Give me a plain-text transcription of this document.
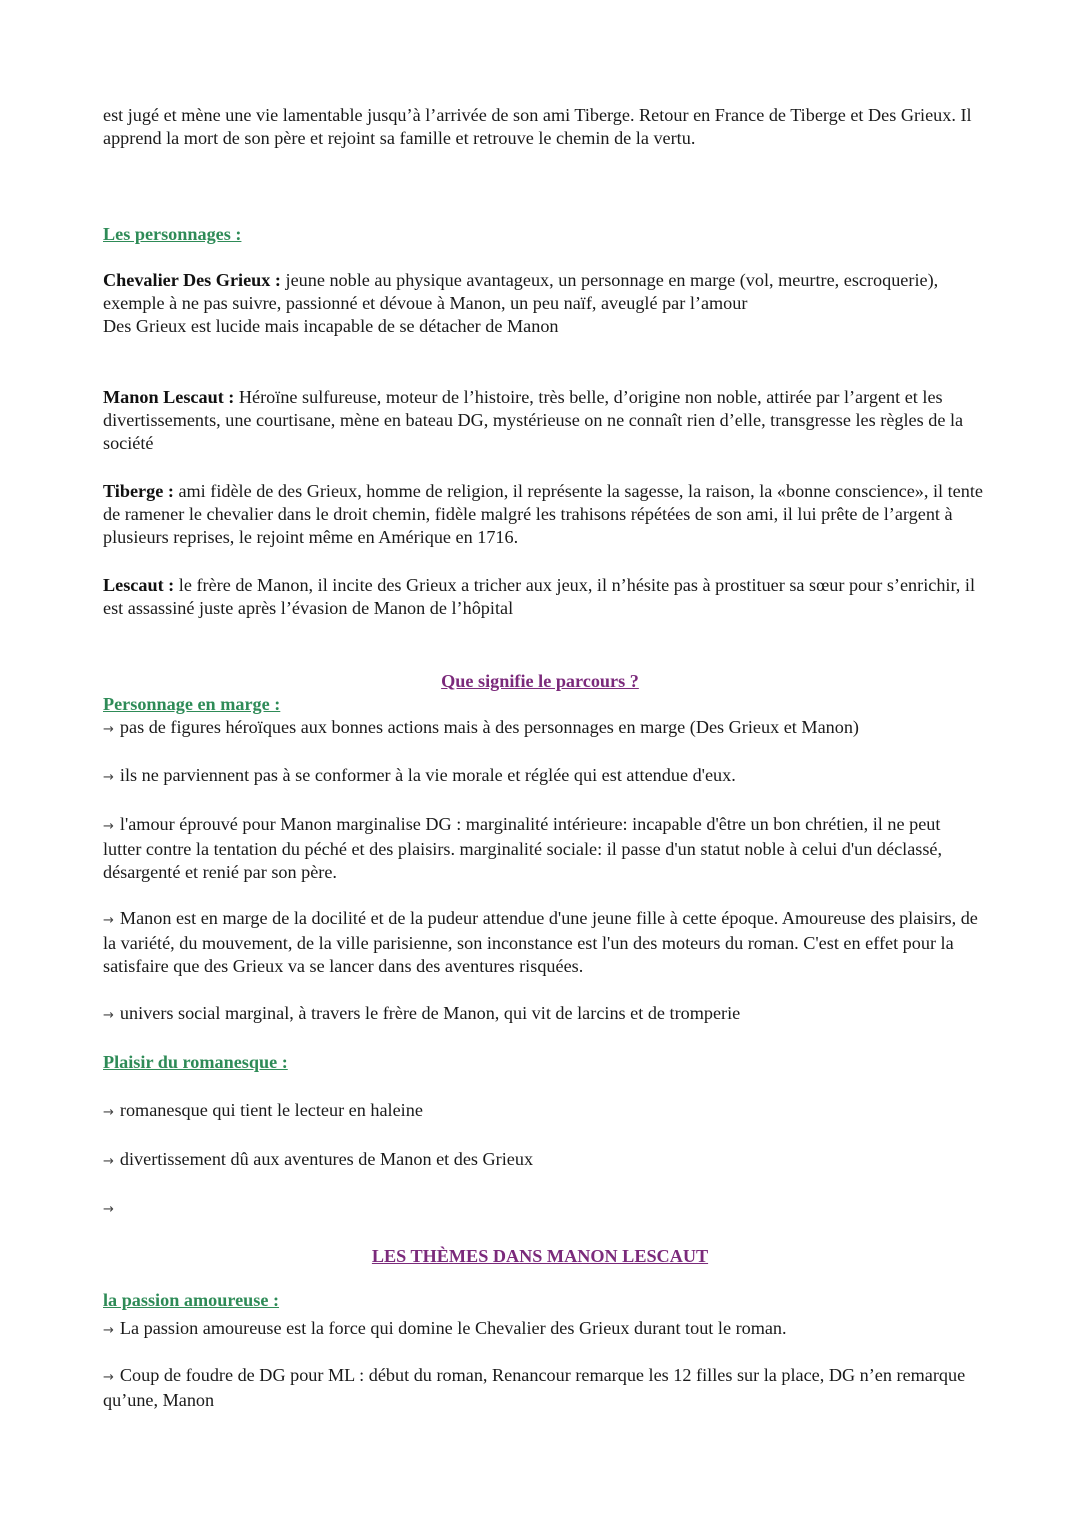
est jugé et mène une vie lamentable jusqu’à l’arrivée de son ami Tiberge. Retour en France de Tiberge et Des Grieux. Il apprend la mort de son père et rejoint sa famille et retrouve le chemin de la vertu.

Les personnages :

Chevalier Des Grieux : jeune noble au physique avantageux, un personnage en marge (vol, meurtre, escroquerie), exemple à ne pas suivre, passionné et dévoue à Manon, un peu naïf, aveuglé par l’amour
Des Grieux est lucide mais incapable de se détacher de Manon

Manon Lescaut : Héroïne sulfureuse, moteur de l’histoire, très belle, d’origine non noble, attirée par l’argent et les divertissements, une courtisane, mène en bateau DG, mystérieuse on ne connaît rien d’elle, transgresse les règles de la société

Tiberge : ami fidèle de des Grieux, homme de religion, il représente la sagesse, la raison, la «bonne conscience», il tente de ramener le chevalier dans le droit chemin, fidèle malgré les trahisons répétées de son ami, il lui prête de l’argent à plusieurs reprises, le rejoint même en Amérique en 1716.

Lescaut : le frère de Manon, il incite des Grieux a tricher aux jeux, il n’hésite pas à prostituer sa sœur pour s’enrichir, il est assassiné juste après l’évasion de Manon de l’hôpital

Que signifie le parcours ?

Personnage en marge :

→ pas de figures héroïques aux bonnes actions mais à des personnages en marge (Des Grieux et Manon)

→ ils ne parviennent pas à se conformer à la vie morale et réglée qui est attendue d'eux.

→ l'amour éprouvé pour Manon marginalise DG : marginalité intérieure: incapable d'être un bon chrétien, il ne peut lutter contre la tentation du péché et des plaisirs. marginalité sociale: il passe d'un statut noble à celui d'un déclassé, désargenté et renié par son père.

→ Manon est en marge de la docilité et de la pudeur attendue d'une jeune fille à cette époque. Amoureuse des plaisirs, de la variété, du mouvement, de la ville parisienne, son inconstance est l'un des moteurs du roman. C'est en effet pour la satisfaire que des Grieux va se lancer dans des aventures risquées.

→ univers social marginal, à travers le frère de Manon, qui vit de larcins et de tromperie

Plaisir du romanesque :

→ romanesque qui tient le lecteur en haleine

→ divertissement dû aux aventures de Manon et des Grieux

→

LES THÈMES DANS MANON LESCAUT

la passion amoureuse :

→ La passion amoureuse est la force qui domine le Chevalier des Grieux durant tout le roman.

→ Coup de foudre de DG pour ML : début du roman, Renancour remarque les 12 filles sur la place, DG n’en remarque qu’une, Manon
